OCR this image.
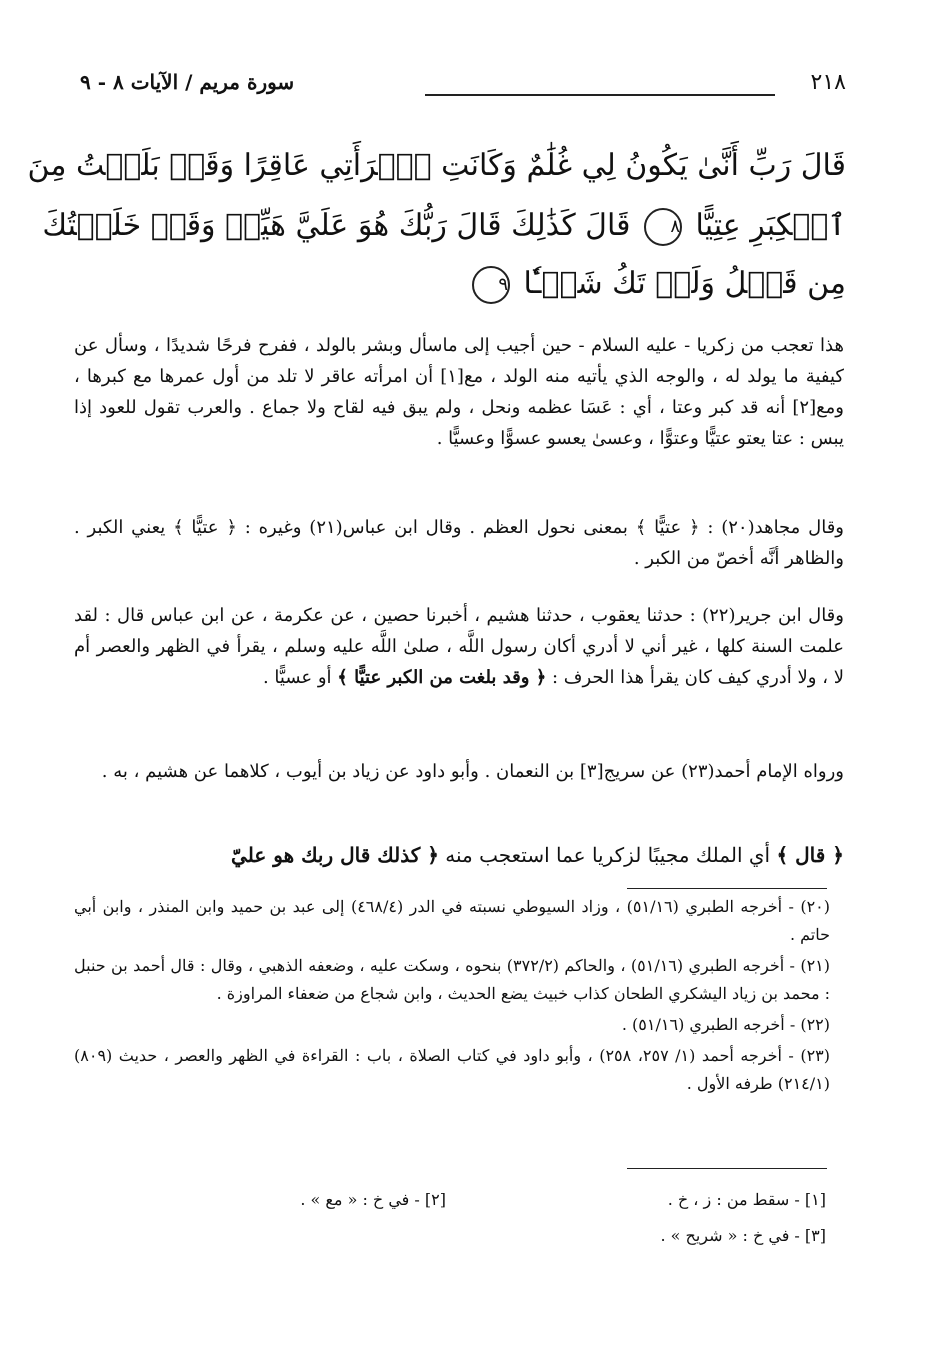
٢١٨
سورة مريم / الآيات ٨ - ٩
قَالَ رَبِّ أَنَّىٰ يَكُونُ لِي غُلَٰمٌ وَكَانَتِ ٱمۡرَأَتِي عَاقِرًا وَقَدۡ بَلَغۡتُ مِنَ
ٱلۡكِبَرِ عِتِيًّا ٨ قَالَ كَذَٰلِكَ قَالَ رَبُّكَ هُوَ عَلَيَّ هَيِّنٞ وَقَدۡ خَلَقۡتُكَ
مِن قَبۡلُ وَلَمۡ تَكُ شَيۡـٔٗا ٩

هذا تعجب من زكريا - عليه السلام - حين أجيب إلى ماسأل وبشر بالولد ، ففرح فرحًا شديدًا ، وسأل عن كيفية ما يولد له ، والوجه الذي يأتيه منه الولد ، مع[١] أن امرأته عاقر لا تلد من أول عمرها مع كبرها ، ومع[٢] أنه قد كبر وعتا ، أي : عَسَا عظمه ونحل ، ولم يبق فيه لقاح ولا جماع . والعرب تقول للعود إذا يبس : عتا يعتو عتيًّا وعتوًّا ، وعسىٰ يعسو عسوًّا وعسيًّا .

وقال مجاهد(٢٠) : ﴿ عتيًّا ﴾ بمعنى نحول العظم . وقال ابن عباس(٢١) وغيره : ﴿ عتيًّا ﴾ يعني الكبر . والظاهر أنَّه أخصّ من الكبر .

وقال ابن جرير(٢٢) : حدثنا يعقوب ، حدثنا هشيم ، أخبرنا حصين ، عن عكرمة ، عن ابن عباس قال : لقد علمت السنة كلها ، غير أني لا أدري أكان رسول اللَّه ، صلىٰ اللَّه عليه وسلم ، يقرأ في الظهر والعصر أم لا ، ولا أدري كيف كان يقرأ هذا الحرف : ﴿ وقد بلغت من الكبر عتيًّا ﴾ أو عسيًّا .

ورواه الإمام أحمد(٢٣) عن سريج[٣] بن النعمان . وأبو داود عن زياد بن أيوب ، كلاهما عن هشيم ، به .

﴿ قال ﴾ أي الملك مجيبًا لزكريا عما استعجب منه ﴿ كذلك قال ربك هو عليّ

(٢٠) - أخرجه الطبري (٥١/١٦) ، وزاد السيوطي نسبته في الدر (٤٦٨/٤) إلى عبد بن حميد وابن المنذر ، وابن أبي حاتم .

(٢١) - أخرجه الطبري (٥١/١٦) ، والحاكم (٣٧٢/٢) بنحوه ، وسكت عليه ، وضعفه الذهبي ، وقال : قال أحمد بن حنبل : محمد بن زياد اليشكري الطحان كذاب خبيث يضع الحديث ، وابن شجاع من ضعفاء المراوزة .

(٢٢) - أخرجه الطبري (٥١/١٦) .

(٢٣) - أخرجه أحمد (١/ ٢٥٧، ٢٥٨) ، وأبو داود في كتاب الصلاة ، باب : القراءة في الظهر والعصر ، حديث (٨٠٩) (٢١٤/١) طرفه الأول .

[١] - سقط من : ز ، خ .
[٢] - في خ : « مع » .
[٣] - في خ : « شريح » .
